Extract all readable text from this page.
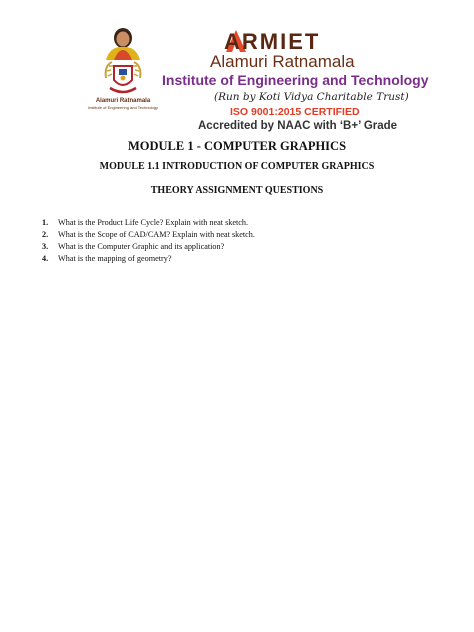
Alamuri Ratnamala
Institute of Engineering and Technology
ARMIET
Alamuri Ratnamala
Institute of Engineering and Technology
(Run by Koti Vidya Charitable Trust)
ISO 9001:2015 CERTIFIED
Accredited by NAAC with ‘B+’ Grade
MODULE 1 - COMPUTER GRAPHICS
MODULE 1.1 INTRODUCTION OF COMPUTER GRAPHICS
THEORY ASSIGNMENT QUESTIONS
1. What is the Product Life Cycle? Explain with neat sketch.
2. What is the Scope of CAD/CAM? Explain with neat sketch.
3. What is the Computer Graphic and its application?
4. What is the mapping of geometry?
